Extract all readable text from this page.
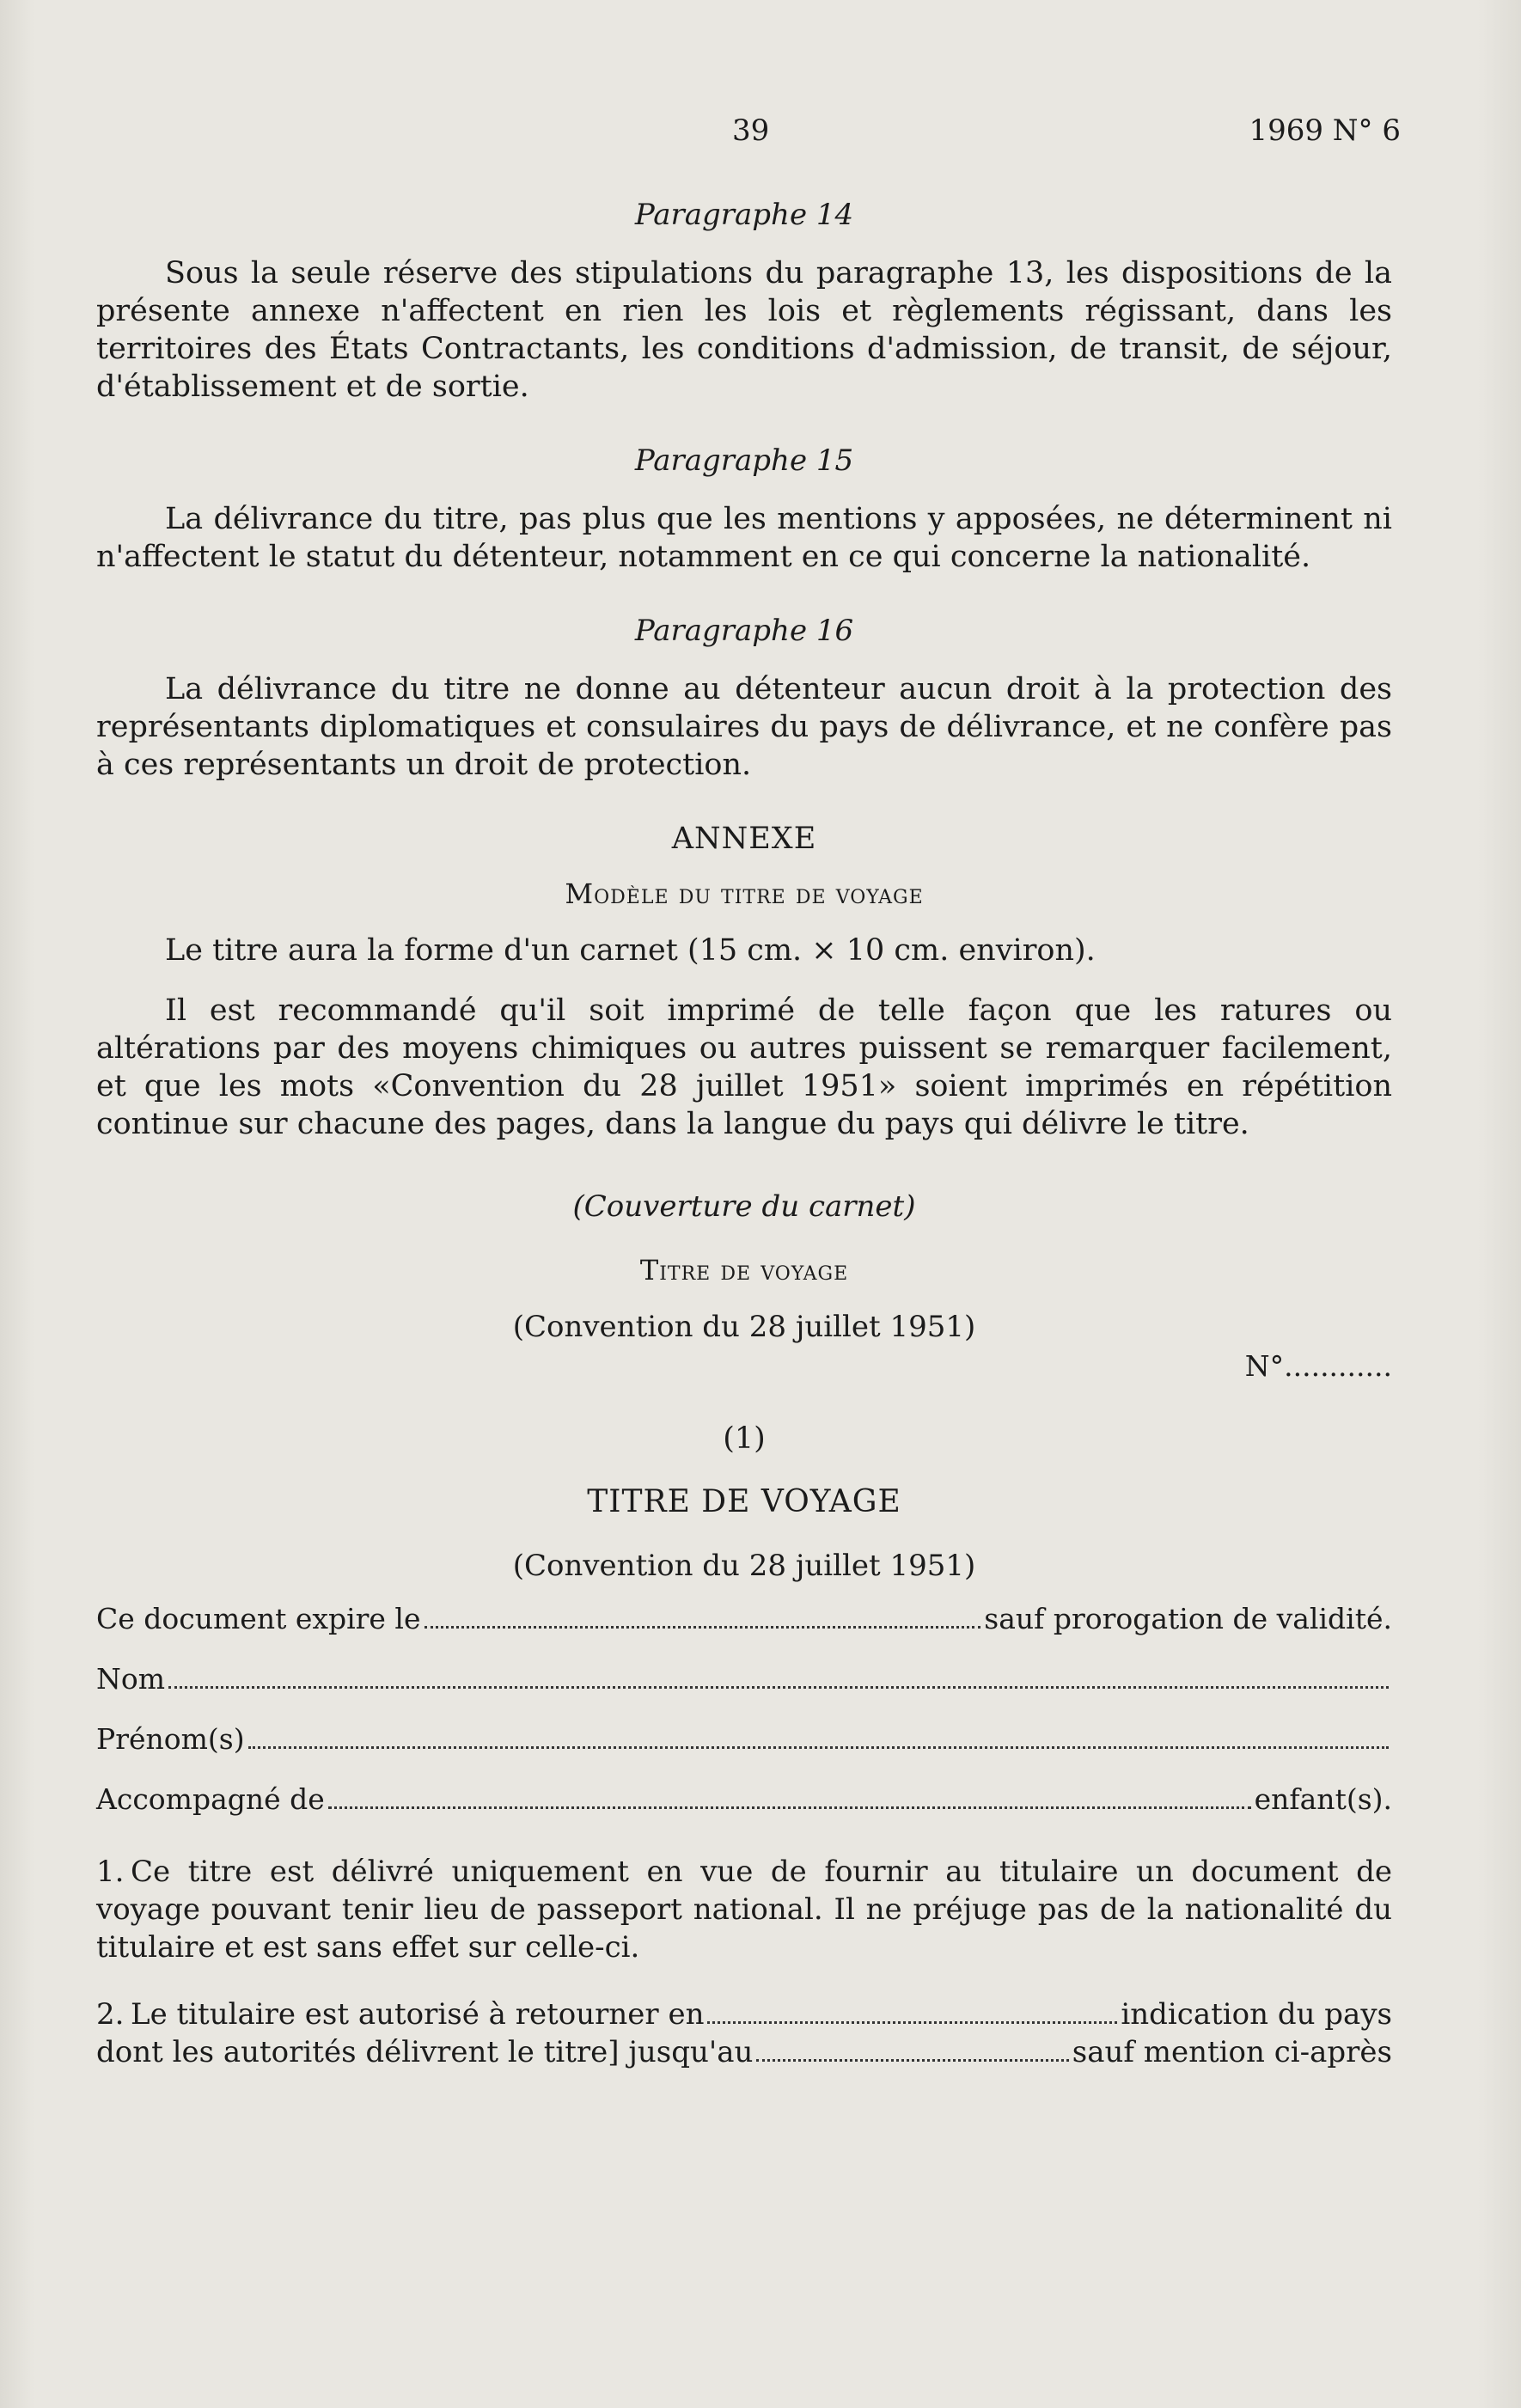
39	1969 N° 6
Paragraphe 14

Sous la seule réserve des stipulations du paragraphe 13, les dispositions de la présente annexe n'affectent en rien les lois et règlements régissant, dans les territoires des États Contractants, les conditions d'admission, de transit, de séjour, d'établissement et de sortie.

Paragraphe 15

La délivrance du titre, pas plus que les mentions y apposées, ne déterminent ni n'affectent le statut du détenteur, notamment en ce qui concerne la nationalité.

Paragraphe 16

La délivrance du titre ne donne au détenteur aucun droit à la protection des représentants diplomatiques et consulaires du pays de délivrance, et ne confère pas à ces représentants un droit de protection.

ANNEXE
Modèle du titre de voyage

Le titre aura la forme d'un carnet (15 cm. × 10 cm. environ).

Il est recommandé qu'il soit imprimé de telle façon que les ratures ou altérations par des moyens chimiques ou autres puissent se remarquer facilement, et que les mots «Convention du 28 juillet 1951» soient imprimés en répétition continue sur chacune des pages, dans la langue du pays qui délivre le titre.

(Couverture du carnet)
Titre de voyage
(Convention du 28 juillet 1951)
N°............
(1)
TITRE DE VOYAGE
(Convention du 28 juillet 1951)
Ce document expire le	sauf prorogation de validité.
Nom
Prénom(s)
Accompagné de	enfant(s).

1. Ce titre est délivré uniquement en vue de fournir au titulaire un document de voyage pouvant tenir lieu de passeport national. Il ne préjuge pas de la nationalité du titulaire et est sans effet sur celle-ci.

2. Le titulaire est autorisé à retourner en	indication du pays
dont les autorités délivrent le titre] jusqu'au	sauf mention ci-après
